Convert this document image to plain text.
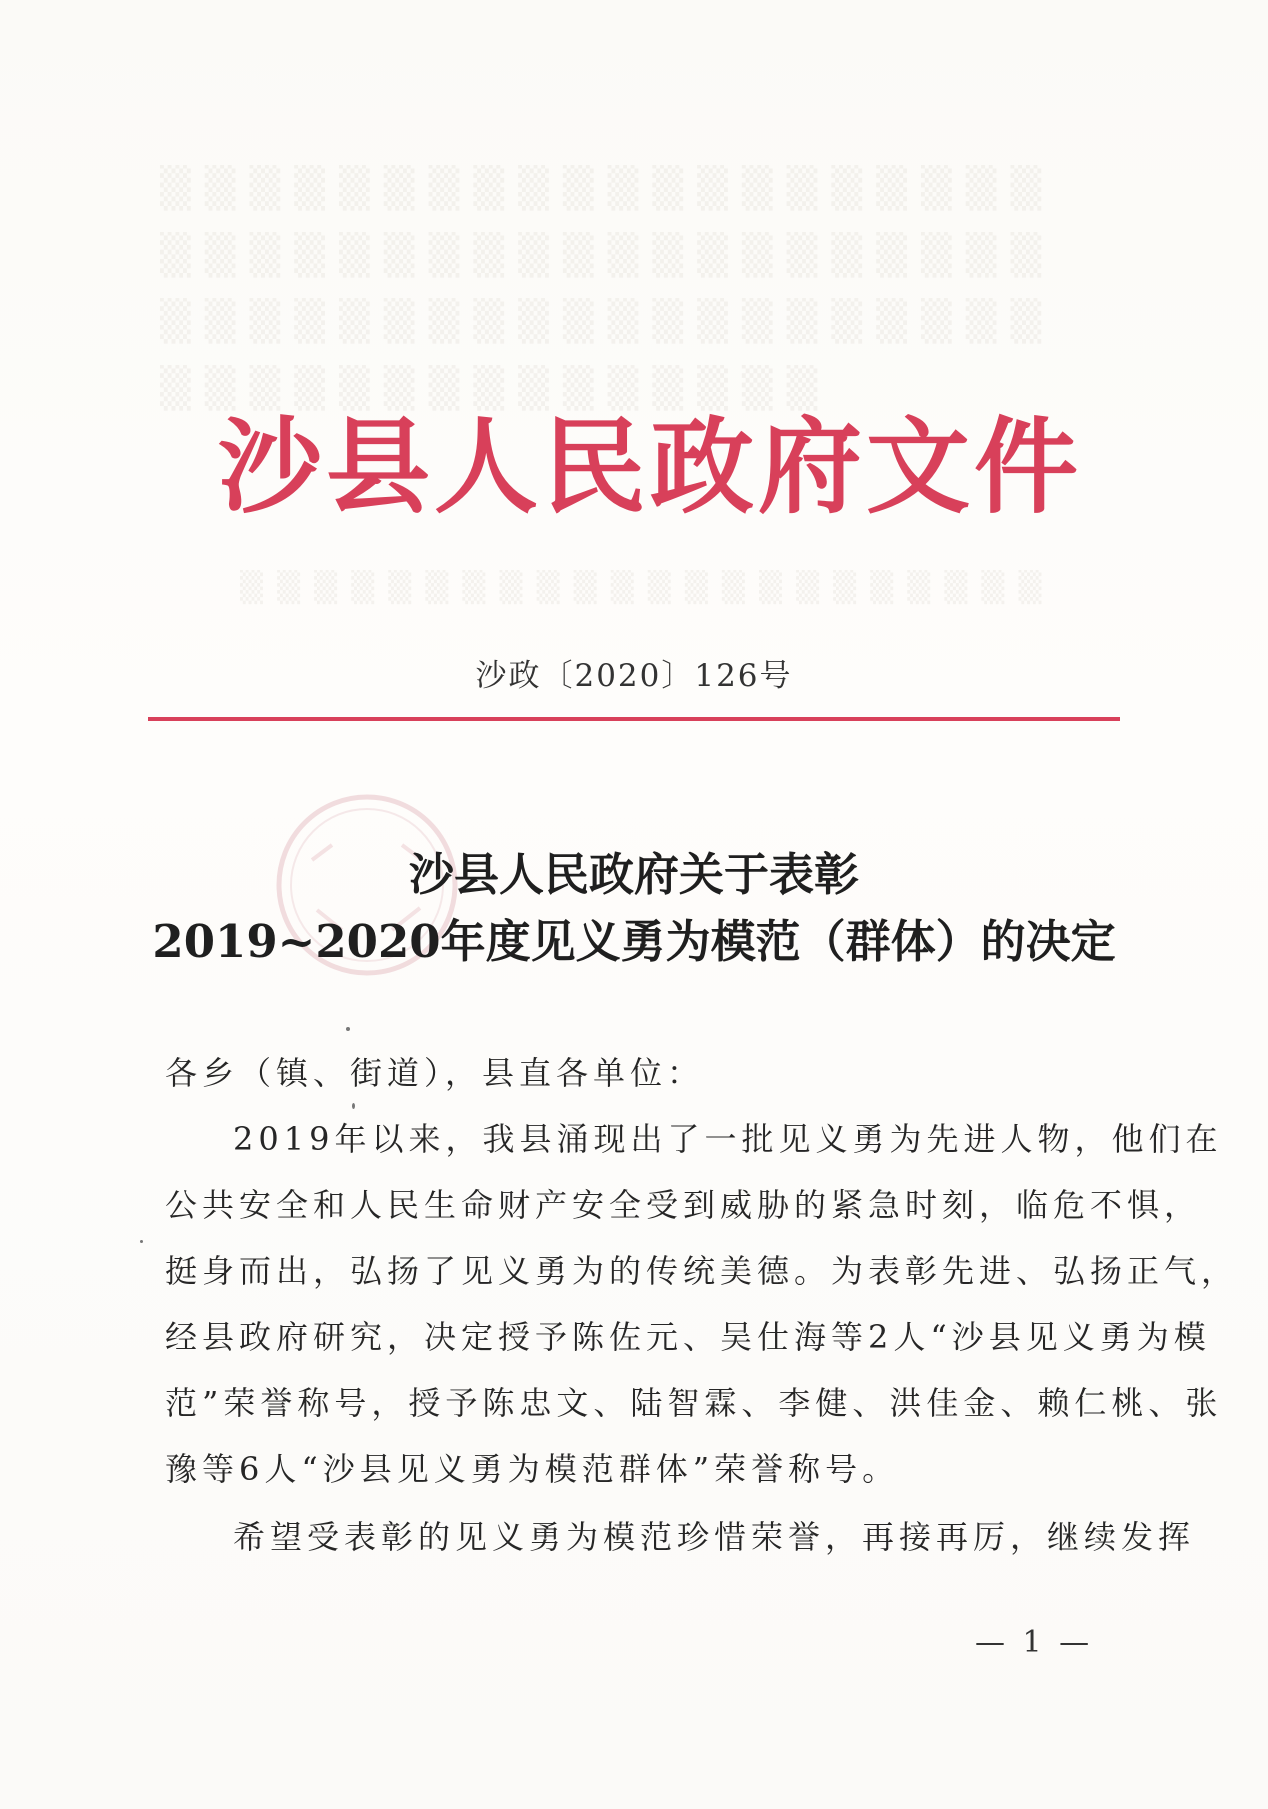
▒▒▒▒▒▒▒▒▒▒▒▒▒▒▒▒▒▒▒▒
▒▒▒▒▒▒▒▒▒▒▒▒▒▒▒▒▒▒▒▒
▒▒▒▒▒▒▒▒▒▒▒▒▒▒▒▒▒▒▒▒
▒▒▒▒▒▒▒▒▒▒▒▒▒▒▒
▒▒▒▒▒▒▒▒▒▒▒▒▒▒▒▒▒▒▒▒▒▒
沙县人民政府文件
沙政〔2020〕126号
沙县人民政府关于表彰
2019~2020年度见义勇为模范（群体）的决定
各乡（镇、街道），县直各单位：
2019年以来，我县涌现出了一批见义勇为先进人物，他们在
公共安全和人民生命财产安全受到威胁的紧急时刻，临危不惧，
挺身而出，弘扬了见义勇为的传统美德。为表彰先进、弘扬正气，
经县政府研究，决定授予陈佐元、吴仕海等2人“沙县见义勇为模
范”荣誉称号，授予陈忠文、陆智霖、李健、洪佳金、赖仁桃、张
豫等6人“沙县见义勇为模范群体”荣誉称号。
希望受表彰的见义勇为模范珍惜荣誉，再接再厉，继续发挥
— 1 —
